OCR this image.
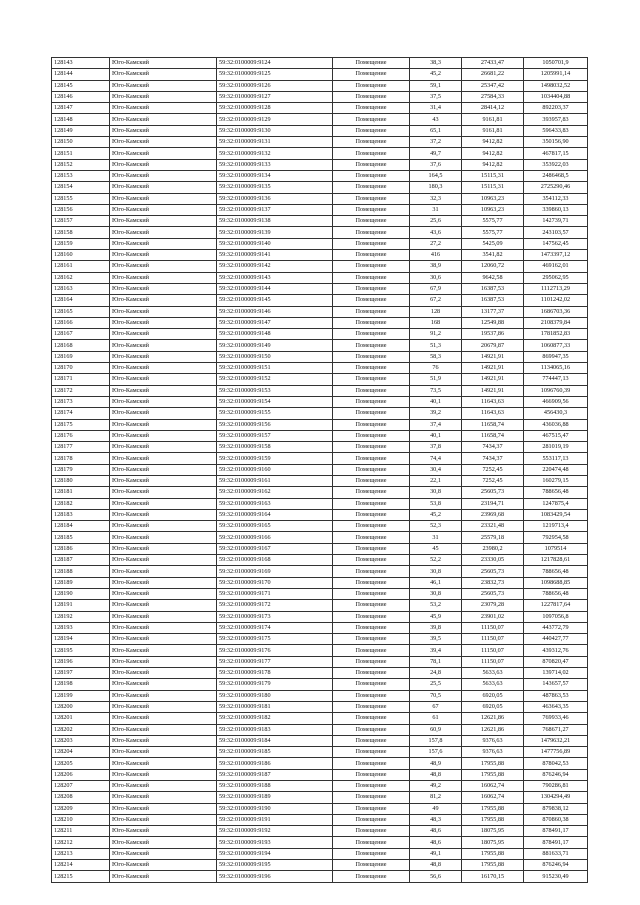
128143	Юго-Камский	59:32:0100009:9124	Помещение	38,3	27433,47	1050701,9
128144	Юго-Камский	59:32:0100009:9125	Помещение	45,2	26681,22	1205991,14
128145	Юго-Камский	59:32:0100009:9126	Помещение	59,1	25347,42	1498032,52
128146	Юго-Камский	59:32:0100009:9127	Помещение	37,5	27584,33	1034404,88
128147	Юго-Камский	59:32:0100009:9128	Помещение	31,4	28414,12	892203,37
128148	Юго-Камский	59:32:0100009:9129	Помещение	43	9161,81	393957,83
128149	Юго-Камский	59:32:0100009:9130	Помещение	65,1	9161,81	596433,83
128150	Юго-Камский	59:32:0100009:9131	Помещение	37,2	9412,82	350156,90
128151	Юго-Камский	59:32:0100009:9132	Помещение	49,7	9412,82	467817,15
128152	Юго-Камский	59:32:0100009:9133	Помещение	37,6	9412,82	353922,03
128153	Юго-Камский	59:32:0100009:9134	Помещение	164,5	15115,31	2486468,5
128154	Юго-Камский	59:32:0100009:9135	Помещение	180,3	15115,31	2725290,46
128155	Юго-Камский	59:32:0100009:9136	Помещение	32,3	10963,23	354112,33
128156	Юго-Камский	59:32:0100009:9137	Помещение	31	10963,23	339860,13
128157	Юго-Камский	59:32:0100009:9138	Помещение	25,6	5575,77	142739,71
128158	Юго-Камский	59:32:0100009:9139	Помещение	43,6	5575,77	243103,57
128159	Юго-Камский	59:32:0100009:9140	Помещение	27,2	5425,09	147562,45
128160	Юго-Камский	59:32:0100009:9141	Помещение	416	3541,82	1473397,12
128161	Юго-Камский	59:32:0100009:9142	Помещение	38,9	12060,72	469162,01
128162	Юго-Камский	59:32:0100009:9143	Помещение	30,6	9642,58	295062,95
128163	Юго-Камский	59:32:0100009:9144	Помещение	67,9	16387,53	1112713,29
128164	Юго-Камский	59:32:0100009:9145	Помещение	67,2	16387,53	1101242,02
128165	Юго-Камский	59:32:0100009:9146	Помещение	128	13177,37	1686703,36
128166	Юго-Камский	59:32:0100009:9147	Помещение	168	12549,88	2108379,84
128167	Юго-Камский	59:32:0100009:9148	Помещение	91,2	19537,86	1781852,83
128168	Юго-Камский	59:32:0100009:9149	Помещение	51,3	20679,87	1060877,33
128169	Юго-Камский	59:32:0100009:9150	Помещение	58,3	14921,91	869947,35
128170	Юго-Камский	59:32:0100009:9151	Помещение	76	14921,91	1134065,16
128171	Юго-Камский	59:32:0100009:9152	Помещение	51,9	14921,91	774447,13
128172	Юго-Камский	59:32:0100009:9153	Помещение	73,5	14921,91	1096760,39
128173	Юго-Камский	59:32:0100009:9154	Помещение	40,1	11643,63	466909,56
128174	Юго-Камский	59:32:0100009:9155	Помещение	39,2	11643,63	456430,3
128175	Юго-Камский	59:32:0100009:9156	Помещение	37,4	11658,74	436036,88
128176	Юго-Камский	59:32:0100009:9157	Помещение	40,1	11658,74	467515,47
128177	Юго-Камский	59:32:0100009:9158	Помещение	37,8	7434,37	281019,19
128178	Юго-Камский	59:32:0100009:9159	Помещение	74,4	7434,37	553117,13
128179	Юго-Камский	59:32:0100009:9160	Помещение	30,4	7252,45	220474,48
128180	Юго-Камский	59:32:0100009:9161	Помещение	22,1	7252,45	160279,15
128181	Юго-Камский	59:32:0100009:9162	Помещение	30,8	25605,73	788656,48
128182	Юго-Камский	59:32:0100009:9163	Помещение	53,8	23194,71	1247875,4
128183	Юго-Камский	59:32:0100009:9164	Помещение	45,2	23969,68	1083429,54
128184	Юго-Камский	59:32:0100009:9165	Помещение	52,3	23321,48	1219713,4
128185	Юго-Камский	59:32:0100009:9166	Помещение	31	25579,18	792954,58
128186	Юго-Камский	59:32:0100009:9167	Помещение	45	23980,2	1079514
128187	Юго-Камский	59:32:0100009:9168	Помещение	52,2	23330,05	1217828,61
128188	Юго-Камский	59:32:0100009:9169	Помещение	30,8	25605,73	788656,48
128189	Юго-Камский	59:32:0100009:9170	Помещение	46,1	23832,73	1098688,85
128190	Юго-Камский	59:32:0100009:9171	Помещение	30,8	25605,73	788656,48
128191	Юго-Камский	59:32:0100009:9172	Помещение	53,2	23079,28	1227817,64
128192	Юго-Камский	59:32:0100009:9173	Помещение	45,9	23901,02	1097056,8
128193	Юго-Камский	59:32:0100009:9174	Помещение	39,8	11150,07	443772,79
128194	Юго-Камский	59:32:0100009:9175	Помещение	39,5	11150,07	440427,77
128195	Юго-Камский	59:32:0100009:9176	Помещение	39,4	11150,07	439312,76
128196	Юго-Камский	59:32:0100009:9177	Помещение	78,1	11150,07	870820,47
128197	Юго-Камский	59:32:0100009:9178	Помещение	24,8	5633,63	139714,02
128198	Юго-Камский	59:32:0100009:9179	Помещение	25,5	5633,63	143657,57
128199	Юго-Камский	59:32:0100009:9180	Помещение	70,5	6920,05	487863,53
128200	Юго-Камский	59:32:0100009:9181	Помещение	67	6920,05	463643,35
128201	Юго-Камский	59:32:0100009:9182	Помещение	61	12621,86	769933,46
128202	Юго-Камский	59:32:0100009:9183	Помещение	60,9	12621,86	768671,27
128203	Юго-Камский	59:32:0100009:9184	Помещение	157,8	9376,63	1479632,21
128204	Юго-Камский	59:32:0100009:9185	Помещение	157,6	9376,63	1477756,89
128205	Юго-Камский	59:32:0100009:9186	Помещение	48,9	17955,88	878042,53
128206	Юго-Камский	59:32:0100009:9187	Помещение	48,8	17955,88	876246,94
128207	Юго-Камский	59:32:0100009:9188	Помещение	49,2	16062,74	790286,81
128208	Юго-Камский	59:32:0100009:9189	Помещение	81,2	16062,74	1304294,49
128209	Юго-Камский	59:32:0100009:9190	Помещение	49	17955,88	879838,12
128210	Юго-Камский	59:32:0100009:9191	Помещение	48,3	17955,88	870860,38
128211	Юго-Камский	59:32:0100009:9192	Помещение	48,6	18075,95	878491,17
128212	Юго-Камский	59:32:0100009:9193	Помещение	48,6	18075,95	878491,17
128213	Юго-Камский	59:32:0100009:9194	Помещение	49,1	17955,88	881633,71
128214	Юго-Камский	59:32:0100009:9195	Помещение	48,8	17955,88	876246,94
128215	Юго-Камский	59:32:0100009:9196	Помещение	56,6	16170,15	915230,49
